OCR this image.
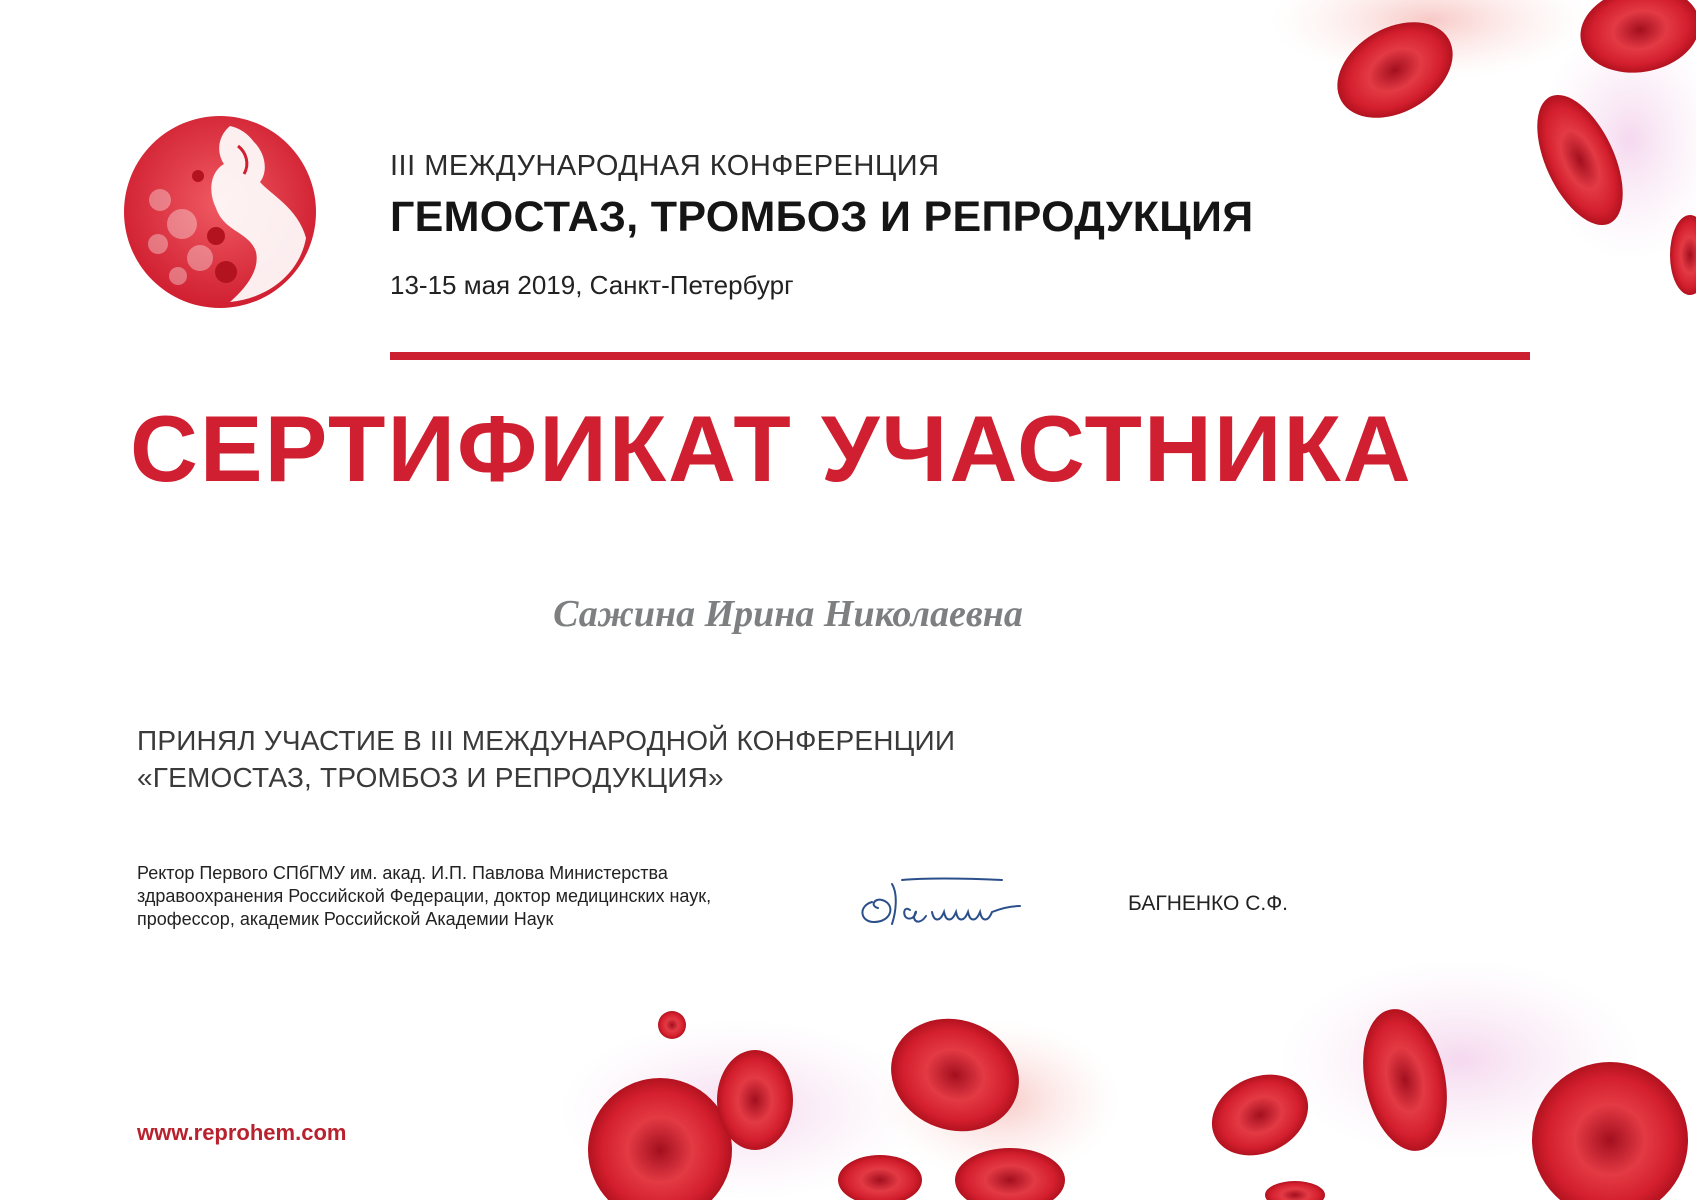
III МЕЖДУНАРОДНАЯ КОНФЕРЕНЦИЯ
ГЕМОСТАЗ, ТРОМБОЗ И РЕПРОДУКЦИЯ
13-15 мая 2019, Санкт-Петербург
СЕРТИФИКАТ УЧАСТНИКА
Сажина Ирина Николаевна
ПРИНЯЛ УЧАСТИЕ В III МЕЖДУНАРОДНОЙ КОНФЕРЕНЦИИ
«ГЕМОСТАЗ, ТРОМБОЗ И РЕПРОДУКЦИЯ»
Ректор Первого СПбГМУ им. акад. И.П. Павлова Министерства
здравоохранения Российской Федерации, доктор медицинских наук,
профессор, академик Российской Академии Наук
БАГНЕНКО С.Ф.
www.reprohem.com
